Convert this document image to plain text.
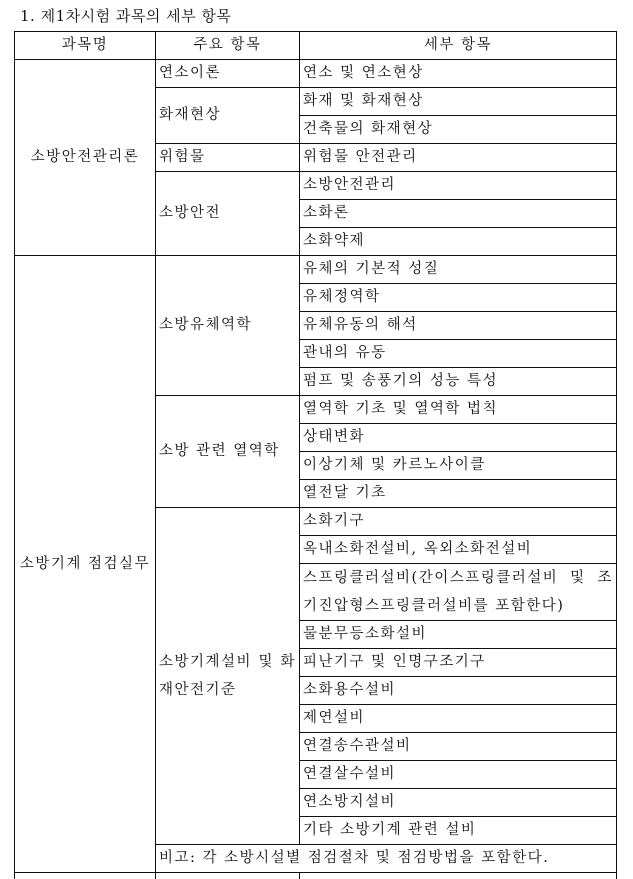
1. 제1차시험 과목의 세부 항목
과목명	주요 항목	세부 항목
소방안전관리론	연소이론	연소 및 연소현상
	화재현상	화재 및 화재현상
		건축물의 화재현상
	위험물	위험물 안전관리
	소방안전	소방안전관리
		소화론
		소화약제
소방기계 점검실무	소방유체역학	유체의 기본적 성질
		유체정역학
		유체유동의 해석
		관내의 유동
		펌프 및 송풍기의 성능 특성
	소방 관련 열역학	열역학 기초 및 열역학 법칙
		상태변화
		이상기체 및 카르노사이클
		열전달 기초
	소방기계설비 및 화재안전기준	소화기구
		옥내소화전설비, 옥외소화전설비
		스프링클러설비(간이스프링클러설비 및 조기진압형스프링클러설비를 포함한다)
		물분무등소화설비
		피난기구 및 인명구조기구
		소화용수설비
		제연설비
		연결송수관설비
		연결살수설비
		연소방지설비
		기타 소방기계 관련 설비
	비고: 각 소방시설별 점검절차 및 점검방법을 포함한다.	
